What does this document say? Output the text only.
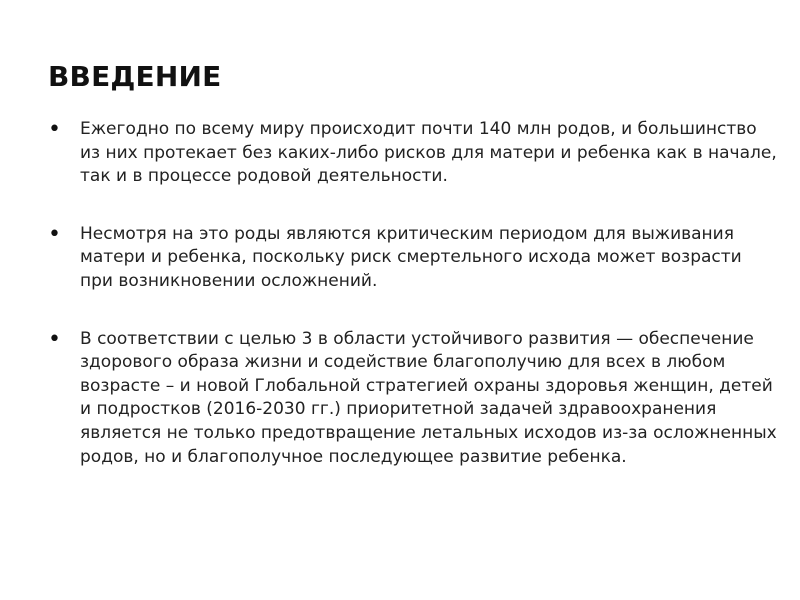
ВВЕДЕНИЕ
• Ежегодно по всему миру происходит почти 140 млн родов, и большинство из них протекает без каких-либо рисков для матери и ребенка как в начале, так и в процессе родовой деятельности.
• Несмотря на это роды являются критическим периодом для выживания матери и ребенка, поскольку риск смертельного исхода может возрасти при возникновении осложнений.
• В соответствии с целью 3 в области устойчивого развития — обеспечение здорового образа жизни и содействие благополучию для всех в любом возрасте – и новой Глобальной стратегией охраны здоровья женщин, детей и подростков (2016-2030 гг.) приоритетной задачей здравоохранения является не только предотвращение летальных исходов из-за осложненных родов, но и благополучное последующее развитие ребенка.
